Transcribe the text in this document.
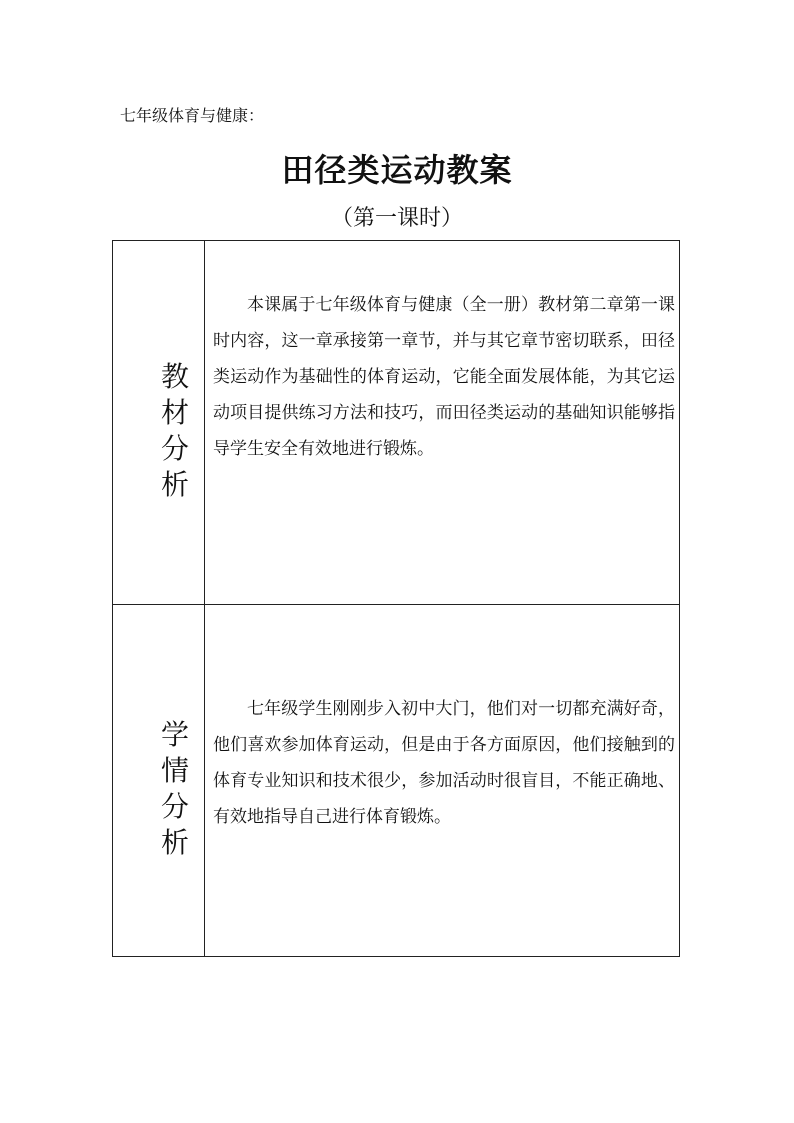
七年级体育与健康：
田径类运动教案
（第一课时）
教材分析

本课属于七年级体育与健康（全一册）教材第二章第一课时内容，这一章承接第一章节，并与其它章节密切联系，田径类运动作为基础性的体育运动，它能全面发展体能，为其它运动项目提供练习方法和技巧，而田径类运动的基础知识能够指导学生安全有效地进行锻炼。

学情分析

七年级学生刚刚步入初中大门，他们对一切都充满好奇，他们喜欢参加体育运动，但是由于各方面原因，他们接触到的体育专业知识和技术很少，参加活动时很盲目，不能正确地、有效地指导自己进行体育锻炼。
